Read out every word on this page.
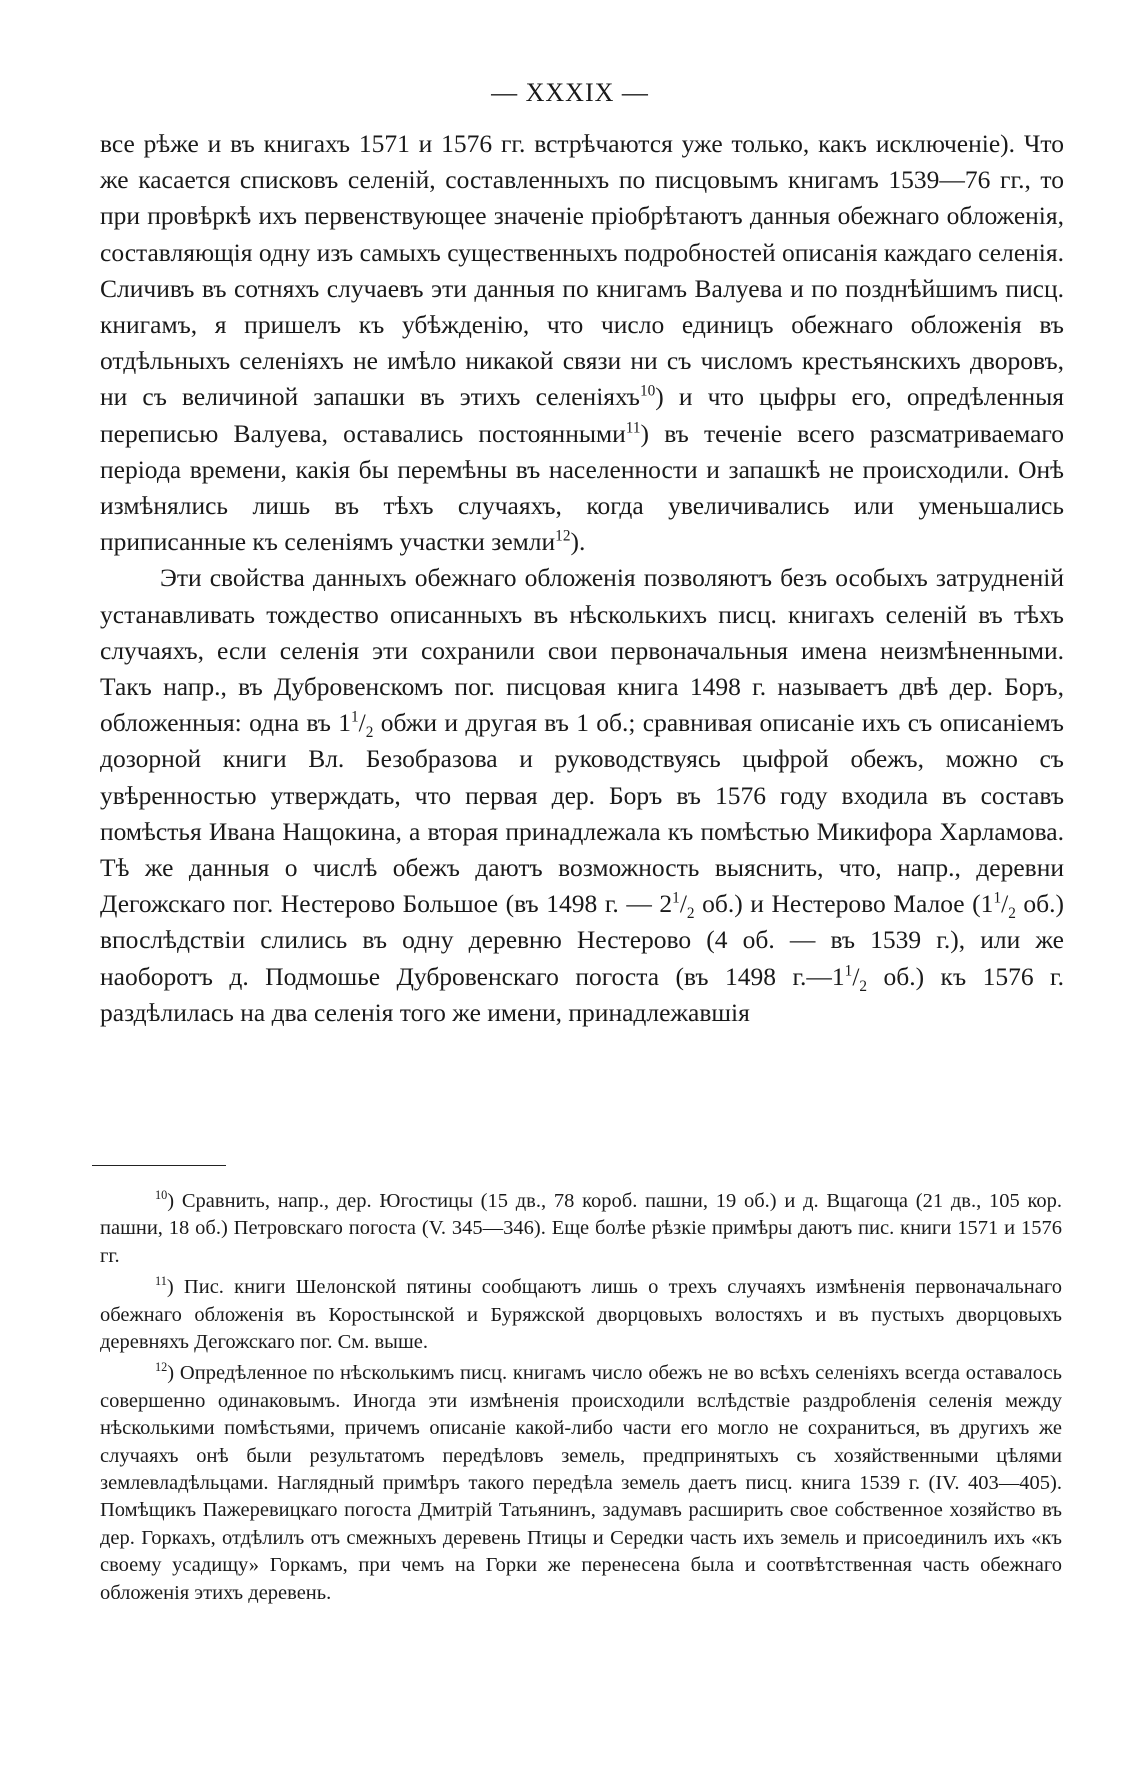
— XXXIX —

все рѣже и въ книгахъ 1571 и 1576 гг. встрѣчаются уже только, какъ исключеніе). Что же касается списковъ селеній, составленныхъ по писцовымъ книгамъ 1539—76 гг., то при провѣркѣ ихъ первенствующее значеніе пріобрѣтаютъ данныя обежнаго обложенія, составляющія одну изъ самыхъ существенныхъ подробностей описанія каждаго селенія. Сличивъ въ сотняхъ случаевъ эти данныя по книгамъ Валуева и по позднѣйшимъ писц. книгамъ, я пришелъ къ убѣжденію, что число единицъ обежнаго обложенія въ отдѣльныхъ селеніяхъ не имѣло никакой связи ни съ числомъ крестьянскихъ дворовъ, ни съ величиной запашки въ этихъ селеніяхъ$^{10}$) и что цыфры его, опредѣленныя переписью Валуева, оставались постоянными$^{11}$) въ теченіе всего разсматриваемаго періода времени, какія бы перемѣны въ населенности и запашкѣ не происходили. Онѣ измѣнялись лишь въ тѣхъ случаяхъ, когда увеличивались или уменьшались приписанные къ селеніямъ участки земли$^{12}$).

Эти свойства данныхъ обежнаго обложенія позволяютъ безъ особыхъ затрудненій устанавливать тождество описанныхъ въ нѣсколькихъ писц. книгахъ селеній въ тѣхъ случаяхъ, если селенія эти сохранили свои первоначальныя имена неизмѣненными. Такъ напр., въ Дубровенскомъ пог. писцовая книга 1498 г. называетъ двѣ дер. Боръ, обложенныя: одна въ $1^1/_2$ обжи и другая въ 1 об.; сравнивая описаніе ихъ съ описаніемъ дозорной книги Вл. Безобразова и руководствуясь цыфрой обежъ, можно съ увѣренностью утверждать, что первая дер. Боръ въ 1576 году входила въ составъ помѣстья Ивана Нащокина, а вторая принадлежала къ помѣстью Микифора Харламова. Тѣ же данныя о числѣ обежъ даютъ возможность выяснить, что, напр., деревни Дегожскаго пог. Нестерово Большое (въ 1498 г. — $2^1/_2$ об.) и Нестерово Малое ($1^1/_2$ об.) впослѣдствіи слились въ одну деревню Нестерово (4 об. — въ 1539 г.), или же наоборотъ д. Подмошье Дубровенскаго погоста (въ 1498 $г.—1^1/_2$ об.) къ 1576 г. раздѣлилась на два селенія того же имени, принадлежавшія

$^{10}$) Сравнить, напр., дер. Югостицы (15 дв., 78 короб. пашни, 19 об.) и д. Вщагоща (21 дв., 105 кор. пашни, 18 об.) Петровскаго погоста (V. 345—346). Еще болѣе рѣзкіе примѣры даютъ пис. книги 1571 и 1576 гг.

$^{11}$) Пис. книги Шелонской пятины сообщаютъ лишь о трехъ случаяхъ измѣненія первоначальнаго обежнаго обложенія въ Коростынской и Буряжской дворцовыхъ волостяхъ и въ пустыхъ дворцовыхъ деревняхъ Дегожскаго пог. См. выше.

$^{12}$) Опредѣленное по нѣсколькимъ писц. книгамъ число обежъ не во всѣхъ селеніяхъ всегда оставалось совершенно одинаковымъ. Иногда эти измѣненія происходили вслѣдствіе раздробленія селенія между нѣсколькими помѣстьями, причемъ описаніе какой-либо части его могло не сохраниться, въ другихъ же случаяхъ онѣ были результатомъ передѣловъ земель, предпринятыхъ съ хозяйственными цѣлями землевладѣльцами. Наглядный примѣръ такого передѣла земель даетъ писц. книга 1539 г. (IV. 403—405). Помѣщикъ Пажеревицкаго погоста Дмитрій Татьянинъ, задумавъ расширить свое собственное хозяйство въ дер. Горкахъ, отдѣлилъ отъ смежныхъ деревень Птицы и Середки часть ихъ земель и присоединилъ ихъ «къ своему усадищу» Горкамъ, при чемъ на Горки же перенесена была и соотвѣтственная часть обежнаго обложенія этихъ деревень.
